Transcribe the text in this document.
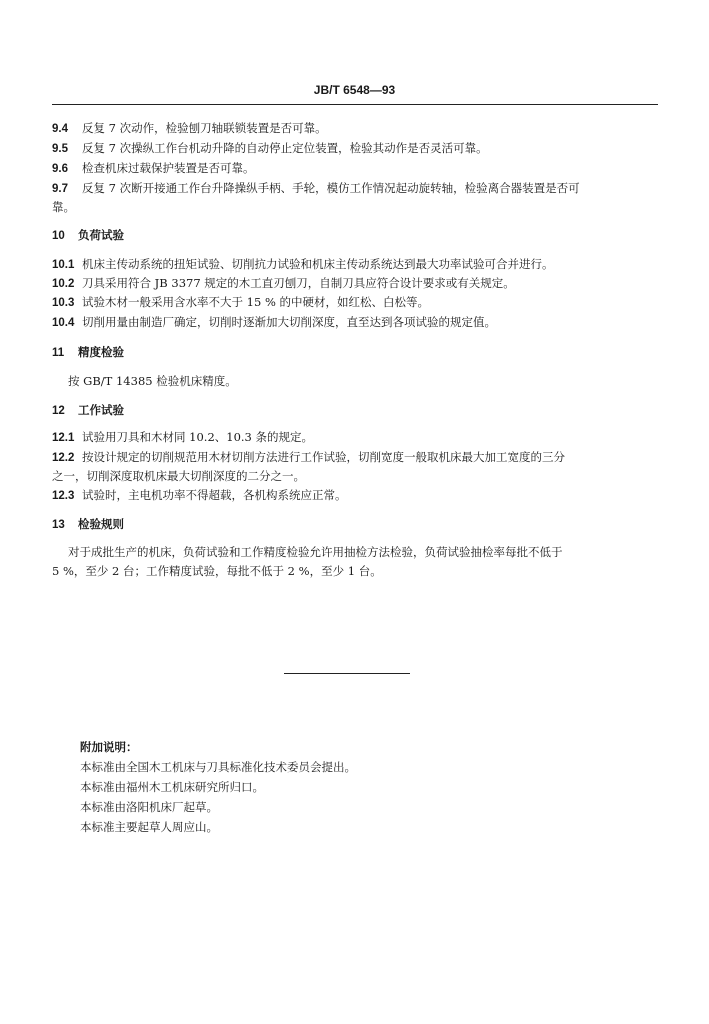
JB/T 6548—93
9.4 反复 7 次动作，检验刨刀轴联锁装置是否可靠。
9.5 反复 7 次操纵工作台机动升降的自动停止定位装置，检验其动作是否灵活可靠。
9.6 检查机床过载保护装置是否可靠。
9.7 反复 7 次断开接通工作台升降操纵手柄、手轮，模仿工作情况起动旋转轴，检验离合器装置是否可
靠。
10 负荷试验
10.1 机床主传动系统的扭矩试验、切削抗力试验和机床主传动系统达到最大功率试验可合并进行。
10.2 刀具采用符合 JB 3377 规定的木工直刃刨刀，自制刀具应符合设计要求或有关规定。
10.3 试验木材一般采用含水率不大于 15 % 的中硬材，如红松、白松等。
10.4 切削用量由制造厂确定，切削时逐渐加大切削深度，直至达到各项试验的规定值。
11 精度检验
按 GB/T 14385 检验机床精度。
12 工作试验
12.1 试验用刀具和木材同 10.2、10.3 条的规定。
12.2 按设计规定的切削规范用木材切削方法进行工作试验，切削宽度一般取机床最大加工宽度的三分
之一，切削深度取机床最大切削深度的二分之一。
12.3 试验时，主电机功率不得超载，各机构系统应正常。
13 检验规则
对于成批生产的机床，负荷试验和工作精度检验允许用抽检方法检验，负荷试验抽检率每批不低于
5 %，至少 2 台；工作精度试验，每批不低于 2 %，至少 1 台。
附加说明：
本标准由全国木工机床与刀具标准化技术委员会提出。
本标准由福州木工机床研究所归口。
本标准由洛阳机床厂起草。
本标准主要起草人周应山。
